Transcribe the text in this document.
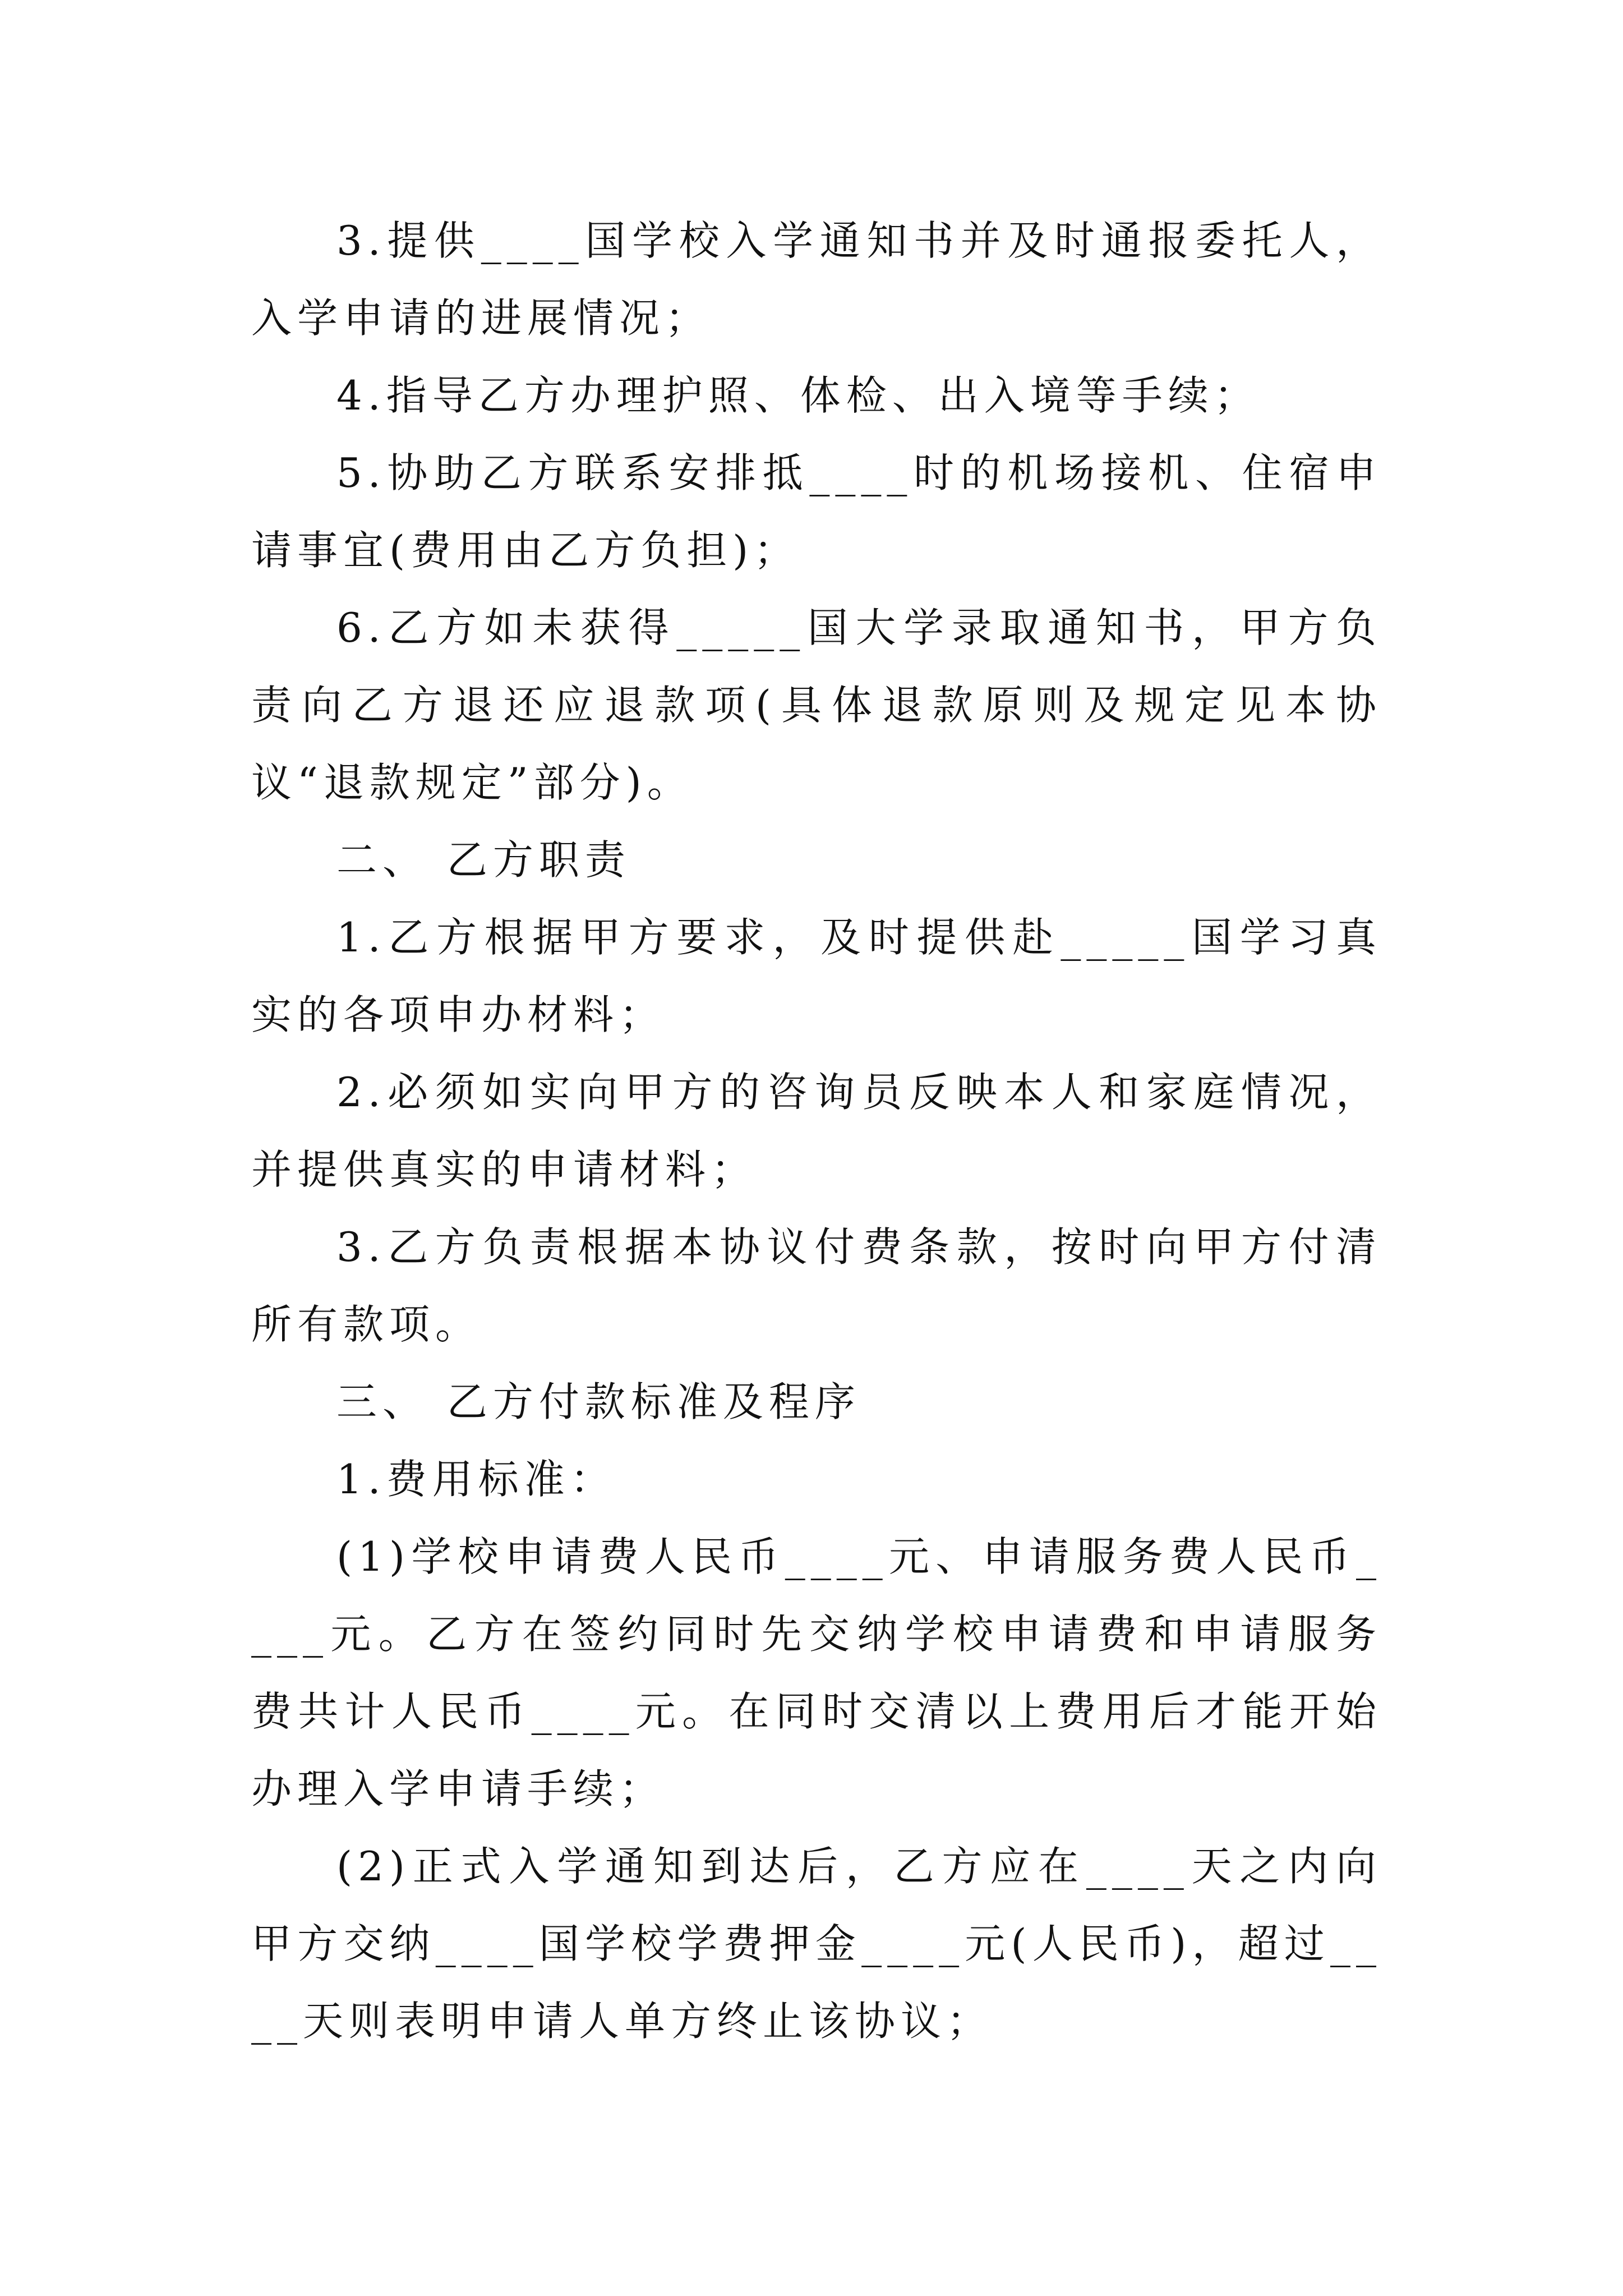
3.提供____国学校入学通知书并及时通报委托人，入学申请的进展情况；

4.指导乙方办理护照、体检、出入境等手续；

5.协助乙方联系安排抵____时的机场接机、住宿申请事宜(费用由乙方负担)；

6.乙方如未获得_____国大学录取通知书，甲方负责向乙方退还应退款项(具体退款原则及规定见本协议“退款规定”部分)。

二、 乙方职责

1.乙方根据甲方要求，及时提供赴_____国学习真实的各项申办材料；

2.必须如实向甲方的咨询员反映本人和家庭情况，并提供真实的申请材料；

3.乙方负责根据本协议付费条款，按时向甲方付清所有款项。

三、 乙方付款标准及程序

1.费用标准：

(1)学校申请费人民币____元、申请服务费人民币____元。乙方在签约同时先交纳学校申请费和申请服务费共计人民币____元。在同时交清以上费用后才能开始办理入学申请手续；

(2)正式入学通知到达后，乙方应在____天之内向甲方交纳____国学校学费押金____元(人民币)，超过____天则表明申请人单方终止该协议；
